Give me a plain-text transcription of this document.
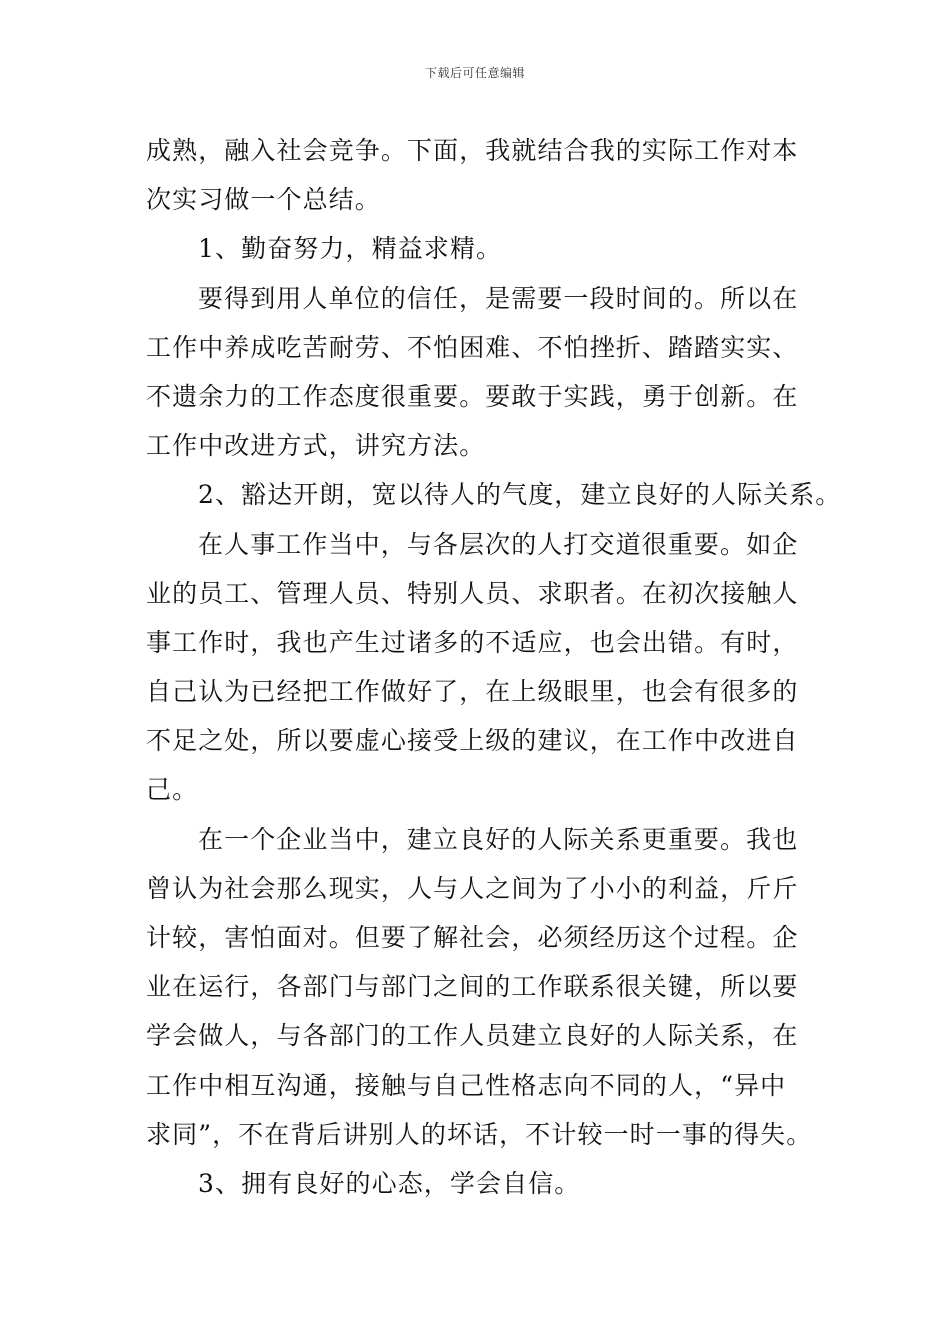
下载后可任意编辑
成熟，融入社会竞争。下面，我就结合我的实际工作对本
次实习做一个总结。
1、勤奋努力，精益求精。
要得到用人单位的信任，是需要一段时间的。所以在
工作中养成吃苦耐劳、不怕困难、不怕挫折、踏踏实实、
不遗余力的工作态度很重要。要敢于实践，勇于创新。在
工作中改进方式，讲究方法。
2、豁达开朗，宽以待人的气度，建立良好的人际关系。
在人事工作当中，与各层次的人打交道很重要。如企
业的员工、管理人员、特别人员、求职者。在初次接触人
事工作时，我也产生过诸多的不适应，也会出错。有时，
自己认为已经把工作做好了，在上级眼里，也会有很多的
不足之处，所以要虚心接受上级的建议，在工作中改进自
己。
在一个企业当中，建立良好的人际关系更重要。我也
曾认为社会那么现实，人与人之间为了小小的利益，斤斤
计较，害怕面对。但要了解社会，必须经历这个过程。企
业在运行，各部门与部门之间的工作联系很关键，所以要
学会做人，与各部门的工作人员建立良好的人际关系，在
工作中相互沟通，接触与自己性格志向不同的人，“异中
求同”，不在背后讲别人的坏话，不计较一时一事的得失。
3、拥有良好的心态，学会自信。
